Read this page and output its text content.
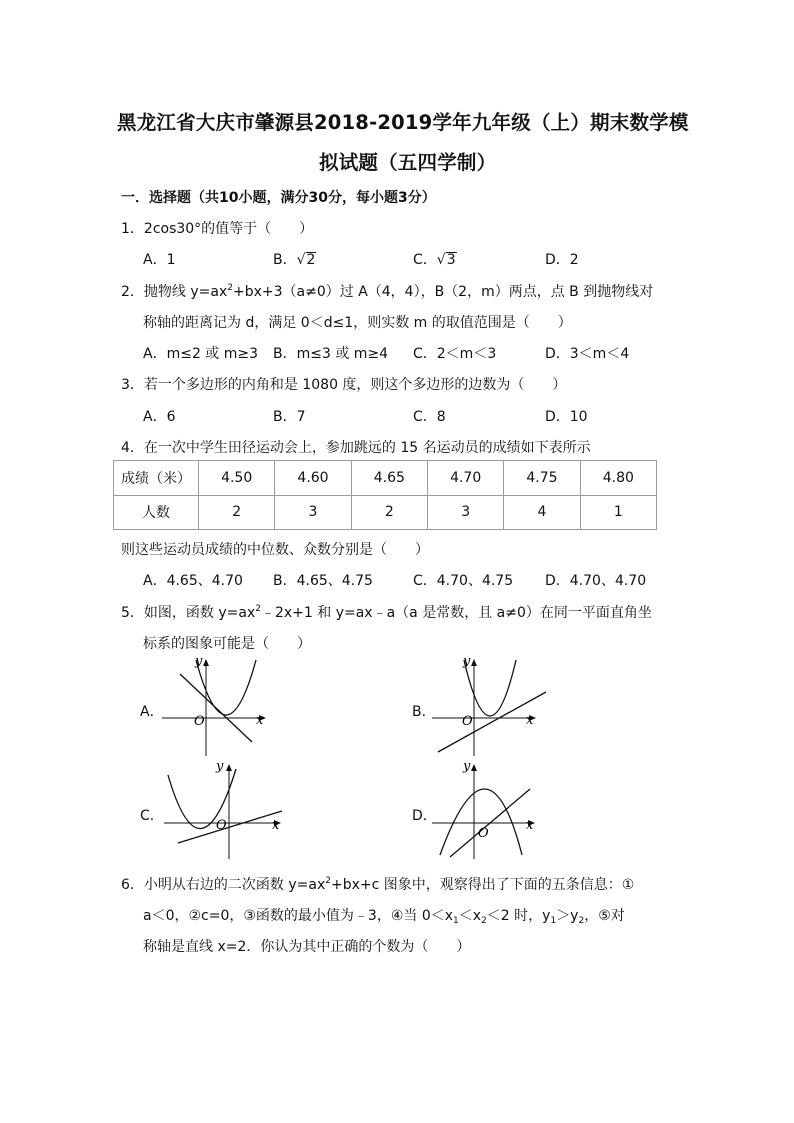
黑龙江省大庆市肇源县2018-2019学年九年级（上）期末数学模
拟试题（五四学制）
一．选择题（共10小题，满分30分，每小题3分）
1．2cos30°的值等于（　　）
A．1	B．√2	C．√3	D．2
2．抛物线 $y=ax^2+bx+3(a\ne 0)$过 A（4，4），B（2，m）两点，点 B 到抛物线对
称轴的距离记为 d，满足 0＜d≤1，则实数 m 的取值范围是（　　）
A．m≤2 或 m≥3 B．m≤3 或 m≥4 C．2＜m＜3	D．3＜m＜4
3．若一个多边形的内角和是 1080 度，则这个多边形的边数为（　　）
A．6	B．7	C．8	D．10
4．在一次中学生田径运动会上，参加跳远的 15 名运动员的成绩如下表所示
成绩（米）	4.50	4.60	4.65	4.70	4.75	4.80
人数	2	3	2	3	4	1
则这些运动员成绩的中位数、众数分别是（　　）
A．4.65、4.70 B．4.65、4.75	C．4.70、4.75 D．4.70、4.70
5．如图，函数 $y=ax^2﹣2x+1$ 和 y=ax﹣a（a 是常数，且 a≠0）在同一平面直角坐
标系的图象可能是（　　）
A．	B．
C．	D．
y
x
O
y
x
O
y
x
O
y
x
O
6．小明从右边的二次函数 $y=ax^2+bx+c$ 图象中，观察得出了下面的五条信息：①
a＜0，②c=0，③函数的最小值为﹣3，④当 $0<x_1<x_2<2$ 时，$y_1>y_2$，⑤对
称轴是直线 x=2．你认为其中正确的个数为（　　）
